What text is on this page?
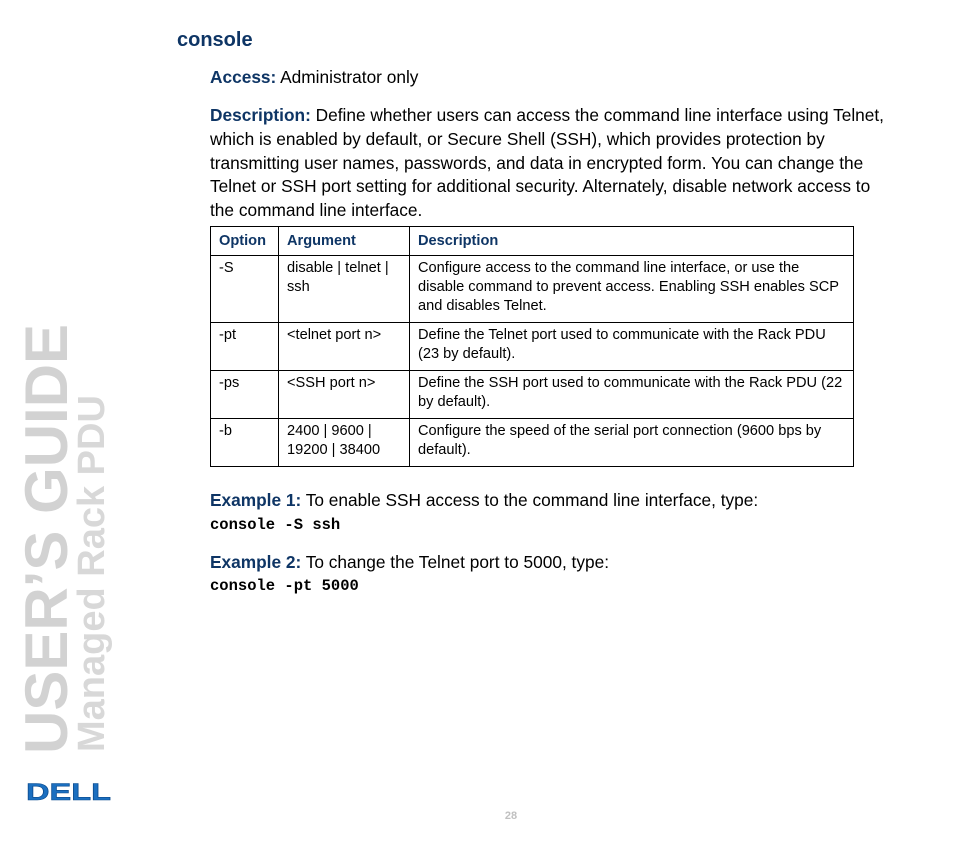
console

Access: Administrator only

Description: Define whether users can access the command line interface using Telnet, which is enabled by default, or Secure Shell (SSH), which provides protection by transmitting user names, passwords, and data in encrypted form. You can change the Telnet or SSH port setting for additional security. Alternately, disable network access to the command line interface.

Option	Argument	Description
-S	disable | telnet | ssh	Configure access to the command line interface, or use the disable command to prevent access. Enabling SSH enables SCP and disables Telnet.
-pt	<telnet port n>	Define the Telnet port used to communicate with the Rack PDU (23 by default).
-ps	<SSH port n>	Define the SSH port used to communicate with the Rack PDU (22 by default).
-b	2400 | 9600 | 19200 | 38400	Configure the speed of the serial port connection (9600 bps by default).

Example 1: To enable SSH access to the command line interface, type:

console -S ssh

Example 2: To change the Telnet port to 5000, type:

console -pt 5000
USER’S GUIDE
Managed Rack PDU
DELL
28
